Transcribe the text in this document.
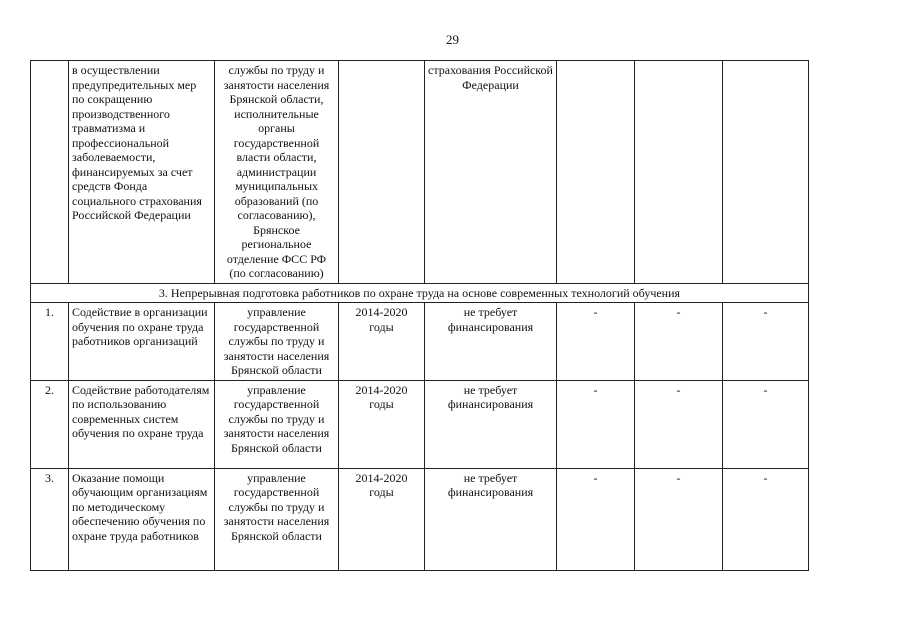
29
	в осуществлении предупредительных мер по сокращению производственного травматизма и профессиональной заболеваемости, финансируемых за счет средств Фонда социального страхования Российской Федерации	службы по труду и занятости населения Брянской области, исполнительные органы государственной власти области, администрации муниципальных образований (по согласованию), Брянское региональное отделение ФСС РФ (по согласованию)		страхования Российской Федерации			
3. Непрерывная подготовка работников по охране труда на основе современных технологий обучения							
1.	Содействие в организации обучения по охране труда работников организаций	управление государственной службы по труду и занятости населения Брянской области	2014-2020 годы	не требует финансирования	-	-	-
2.	Содействие работодателям по использованию современных систем обучения по охране труда	управление государственной службы по труду и занятости населения Брянской области	2014-2020 годы	не требует финансирования	-	-	-
3.	Оказание помощи обучающим организациям по методическому обеспечению обучения по охране труда работников	управление государственной службы по труду и занятости населения Брянской области	2014-2020 годы	не требует финансирования	-	-	-
